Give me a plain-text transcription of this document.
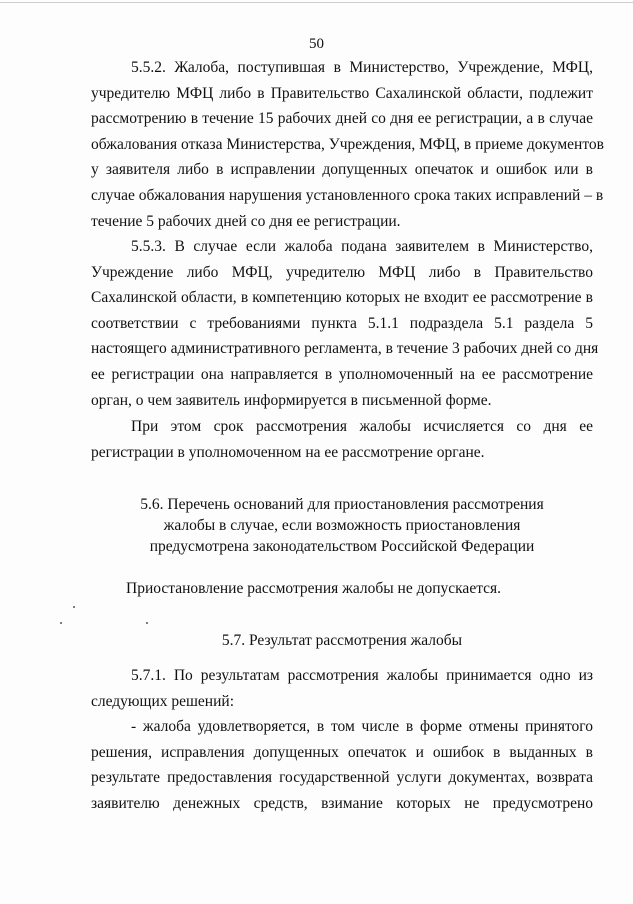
50
5.5.2. Жалоба, поступившая в Министерство, Учреждение, МФЦ,
учредителю МФЦ либо в Правительство Сахалинской области, подлежит
рассмотрению в течение 15 рабочих дней со дня ее регистрации, а в случае
обжалования отказа Министерства, Учреждения, МФЦ, в приеме документов
у заявителя либо в исправлении допущенных опечаток и ошибок или в
случае обжалования нарушения установленного срока таких исправлений – в
течение 5 рабочих дней со дня ее регистрации.
5.5.3. В случае если жалоба подана заявителем в Министерство,
Учреждение либо МФЦ, учредителю МФЦ либо в Правительство
Сахалинской области, в компетенцию которых не входит ее рассмотрение в
соответствии с требованиями пункта 5.1.1 подраздела 5.1 раздела 5
настоящего административного регламента, в течение 3 рабочих дней со дня
ее регистрации она направляется в уполномоченный на ее рассмотрение
орган, о чем заявитель информируется в письменной форме.
При этом срок рассмотрения жалобы исчисляется со дня ее
регистрации в уполномоченном на ее рассмотрение органе.
5.6. Перечень оснований для приостановления рассмотрения
жалобы в случае, если возможность приостановления
предусмотрена законодательством Российской Федерации
Приостановление рассмотрения жалобы не допускается.
5.7. Результат рассмотрения жалобы
5.7.1. По результатам рассмотрения жалобы принимается одно из
следующих решений:
- жалоба удовлетворяется, в том числе в форме отмены принятого
решения, исправления допущенных опечаток и ошибок в выданных в
результате предоставления государственной услуги документах, возврата
заявителю денежных средств, взимание которых не предусмотрено
